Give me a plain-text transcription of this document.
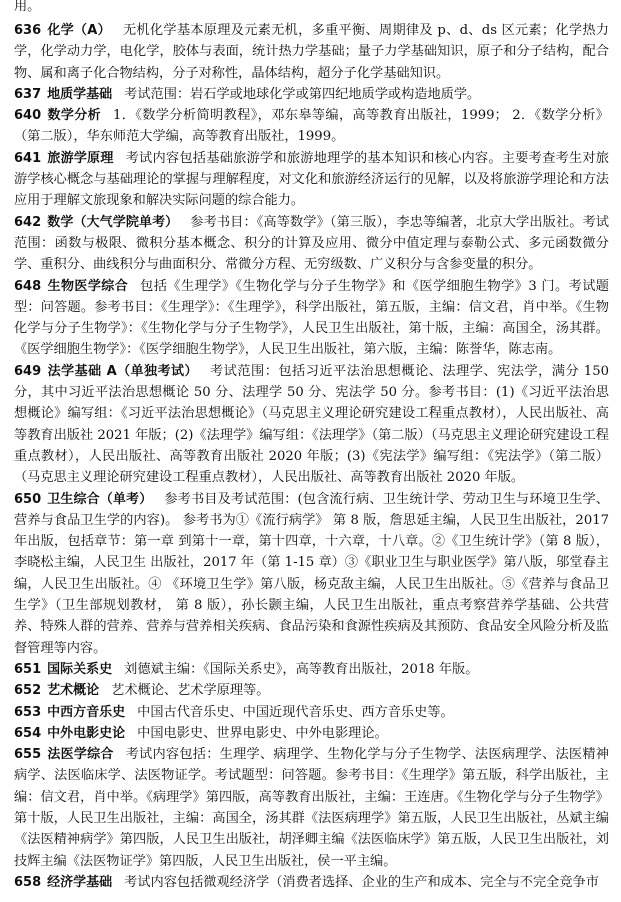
用。

636 化学（A） 无机化学基本原理及元素无机，多重平衡、周期律及 p、d、ds 区元素；化学热力学，化学动力学，电化学，胶体与表面，统计热力学基础；量子力学基础知识，原子和分子结构，配合物、属和离子化合物结构，分子对称性，晶体结构，超分子化学基础知识。

637 地质学基础 考试范围：岩石学或地球化学或第四纪地质学或构造地质学。

640 数学分析 1．《数学分析简明教程》，邓东皋等编，高等教育出版社，1999； 2．《数学分析》（第二版），华东师范大学编，高等教育出版社，1999。

641 旅游学原理 考试内容包括基础旅游学和旅游地理学的基本知识和核心内容。主要考查考生对旅游学核心概念与基础理论的掌握与理解程度，对文化和旅游经济运行的见解，以及将旅游学理论和方法应用于理解文旅现象和解决实际问题的综合能力。

642 数学（大气学院单考） 参考书目：《高等数学》（第三版），李忠等编著，北京大学出版社。考试范围：函数与极限、微积分基本概念、积分的计算及应用、微分中值定理与泰勒公式、多元函数微分学、重积分、曲线积分与曲面积分、常微分方程、无穷级数、广义积分与含参变量的积分。

648 生物医学综合 包括《生理学》《生物化学与分子生物学》和《医学细胞生物学》3 门。考试题型：问答题。参考书目：《生理学》：《生理学》，科学出版社，第五版，主编：信文君，肖中举。《生物化学与分子生物学》：《生物化学与分子生物学》，人民卫生出版社，第十版，主编：高国全，汤其群。《医学细胞生物学》：《医学细胞生物学》，人民卫生出版社，第六版，主编：陈誉华，陈志南。

649 法学基础 A（单独考试） 考试范围：包括习近平法治思想概论、法理学、宪法学，满分 150 分，其中习近平法治思想概论 50 分、法理学 50 分、宪法学 50 分。参考书目：(1)《习近平法治思想概论》编写组：《习近平法治思想概论》（马克思主义理论研究建设工程重点教材），人民出版社、高等教育出版社 2021 年版；(2)《法理学》编写组：《法理学》（第二版）（马克思主义理论研究建设工程重点教材），人民出版社、高等教育出版社 2020 年版；(3)《宪法学》编写组：《宪法学》（第二版）（马克思主义理论研究建设工程重点教材），人民出版社、高等教育出版社 2020 年版。

650 卫生综合（单考） 参考书目及考试范围：(包含流行病、卫生统计学、劳动卫生与环境卫生学、营养与食品卫生学的内容)。 参考书为①《流行病学》 第 8 版，詹思延主编，人民卫生出版社，2017 年出版，包括章节：第一章 到第十一章，第十四章，十六章，十八章。②《卫生统计学》（第 8 版），李晓松主编，人民卫生 出版社，2017 年（第 1-15 章）③《职业卫生与职业医学》第八版，邬堂春主编，人民卫生出版社。④ 《环境卫生学》第八版，杨克敌主编，人民卫生出版社。⑤《营养与食品卫生学》（卫生部规划教材， 第 8 版），孙长颢主编，人民卫生出版社，重点考察营养学基础、公共营养、特殊人群的营养、营养与营养相关疾病、食品污染和食源性疾病及其预防、食品安全风险分析及监督管理等内容。

651 国际关系史 刘德斌主编：《国际关系史》，高等教育出版社，2018 年版。

652 艺术概论 艺术概论、艺术学原理等。

653 中西方音乐史 中国古代音乐史、中国近现代音乐史、西方音乐史等。

654 中外电影史论 中国电影史、世界电影史、中外电影理论。

655 法医学综合 考试内容包括：生理学、病理学、生物化学与分子生物学、法医病理学、法医精神病学、法医临床学、法医物证学。考试题型：问答题。参考书目：《生理学》第五版，科学出版社，主编：信文君，肖中举。《病理学》第四版，高等教育出版社，主编：王连唐。《生物化学与分子生物学》第十版，人民卫生出版社，主编：高国全，汤其群《法医病理学》第五版，人民卫生出版社，丛斌主编《法医精神病学》第四版，人民卫生出版社，胡泽卿主编《法医临床学》第五版，人民卫生出版社，刘技辉主编《法医物证学》第四版，人民卫生出版社，侯一平主编。

658 经济学基础 考试内容包括微观经济学（消费者选择、企业的生产和成本、完全与不完全竞争市
